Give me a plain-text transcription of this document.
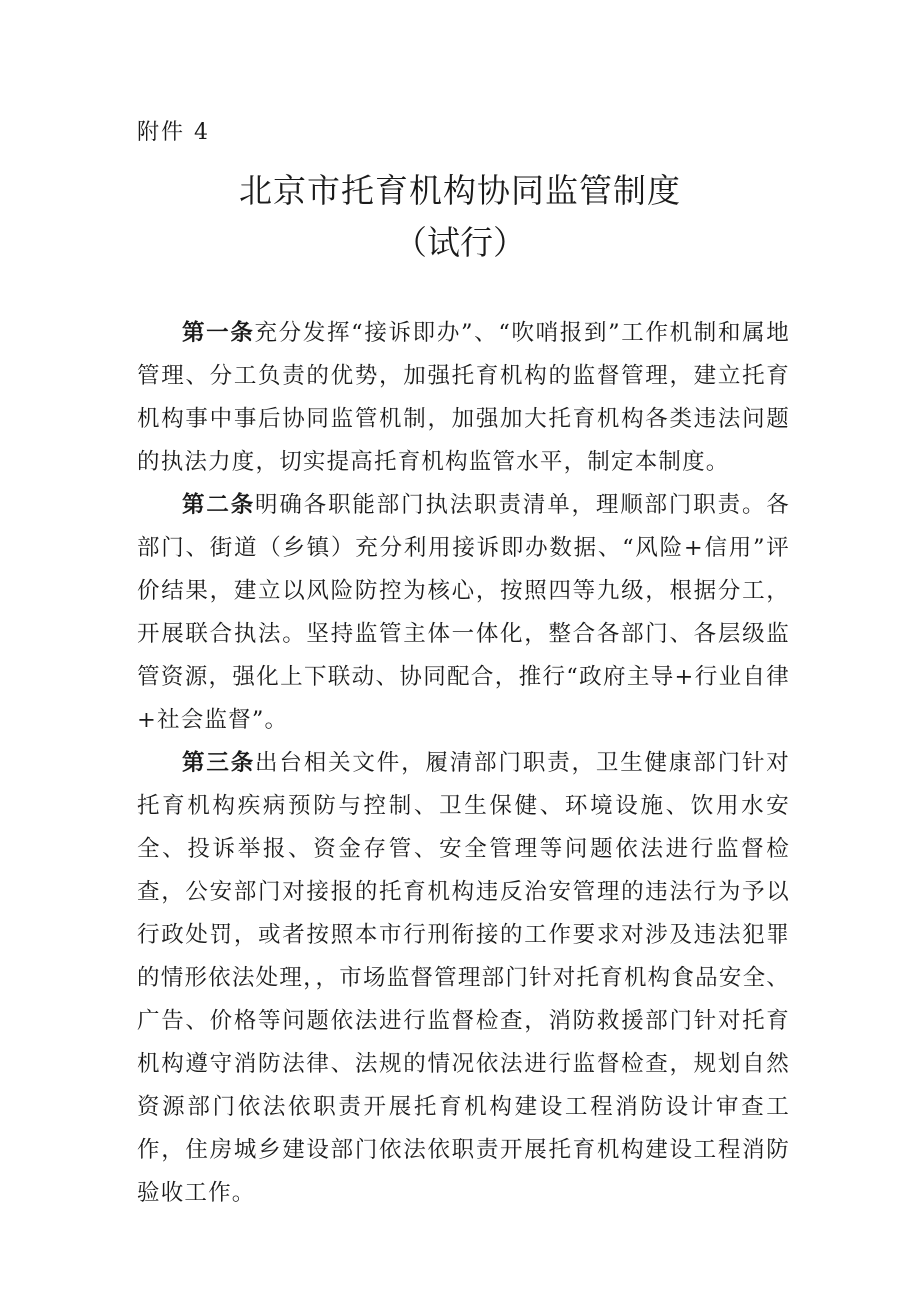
附件 4
北京市托育机构协同监管制度
（试行）

第一条充分发挥“接诉即办”、“吹哨报到”工作机制和属地管理、分工负责的优势，加强托育机构的监督管理，建立托育机构事中事后协同监管机制，加强加大托育机构各类违法问题的执法力度，切实提高托育机构监管水平，制定本制度。

第二条明确各职能部门执法职责清单，理顺部门职责。各部门、街道（乡镇）充分利用接诉即办数据、“风险+信用”评价结果，建立以风险防控为核心，按照四等九级，根据分工，开展联合执法。坚持监管主体一体化，整合各部门、各层级监管资源，强化上下联动、协同配合，推行“政府主导+行业自律+社会监督”。

第三条出台相关文件，履清部门职责，卫生健康部门针对托育机构疾病预防与控制、卫生保健、环境设施、饮用水安全、投诉举报、资金存管、安全管理等问题依法进行监督检查，公安部门对接报的托育机构违反治安管理的违法行为予以行政处罚，或者按照本市行刑衔接的工作要求对涉及违法犯罪的情形依法处理，，市场监督管理部门针对托育机构食品安全、广告、价格等问题依法进行监督检查，消防救援部门针对托育机构遵守消防法律、法规的情况依法进行监督检查，规划自然资源部门依法依职责开展托育机构建设工程消防设计审查工作，住房城乡建设部门依法依职责开展托育机构建设工程消防验收工作。
